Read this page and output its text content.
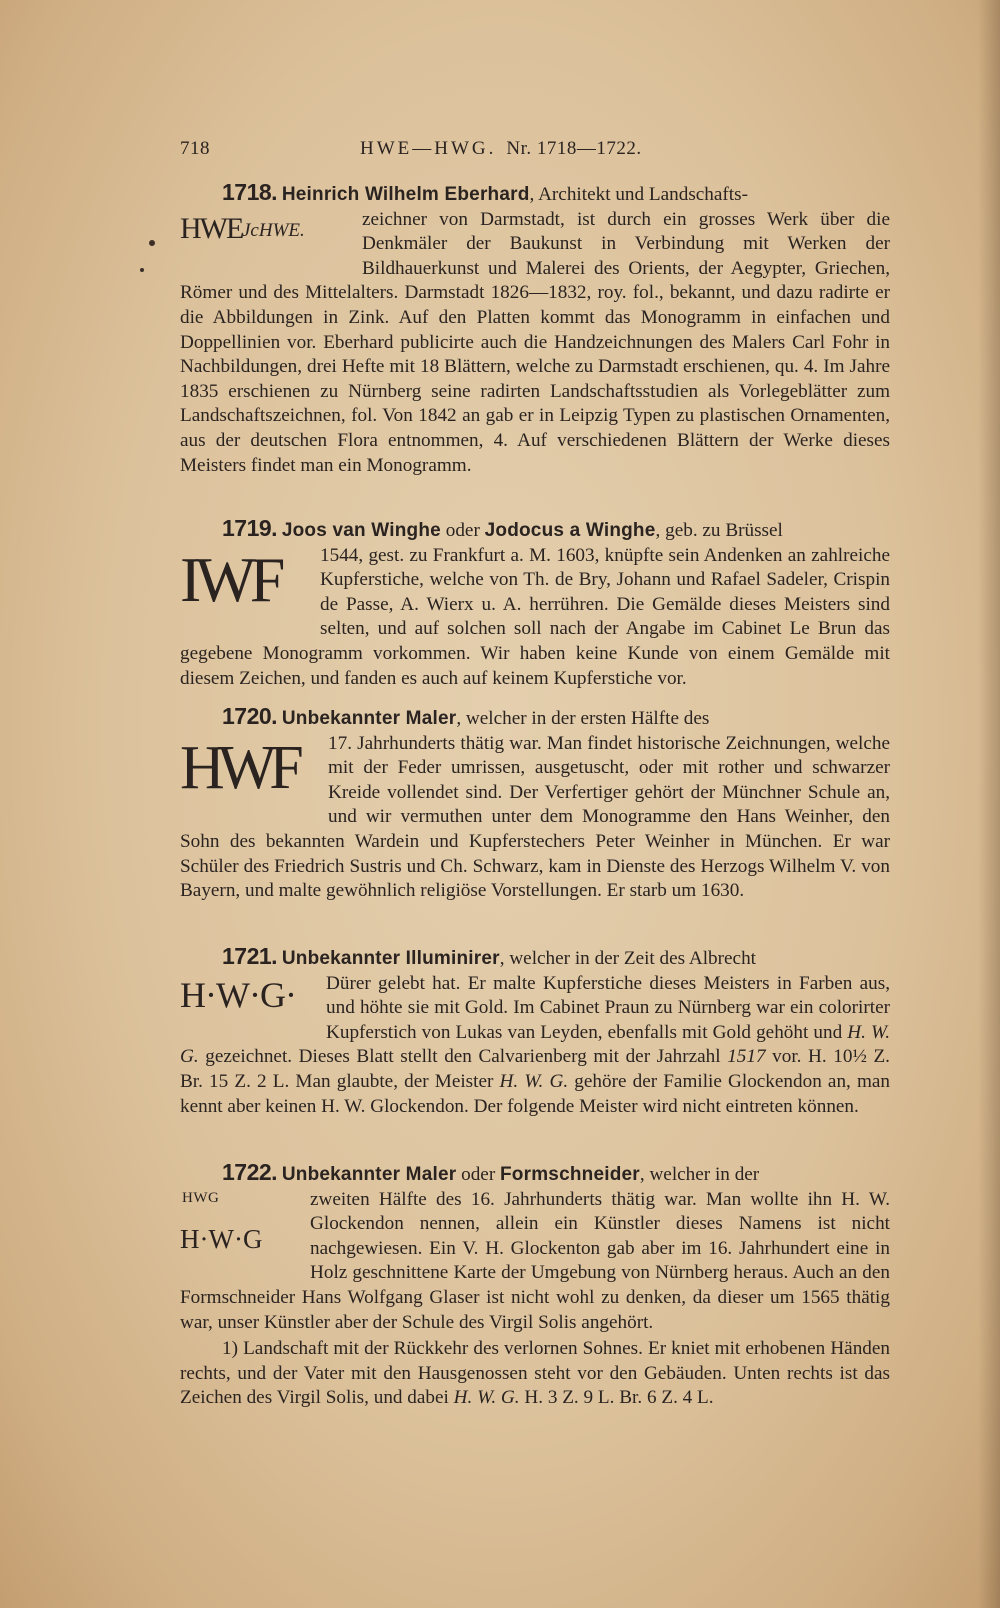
718	HWE—HWG. Nr. 1718—1722.

1718. Heinrich Wilhelm Eberhard, Architekt und Landschafts-

HWE JcHWE.

zeichner von Darmstadt, ist durch ein grosses Werk über die Denkmäler der Baukunst in Verbindung mit Werken der Bildhauerkunst und Malerei des Orients, der Aegypter, Griechen, Römer und des Mittelalters. Darmstadt 1826—1832, roy. fol., bekannt, und dazu radirte er die Abbildungen in Zink. Auf den Platten kommt das Monogramm in einfachen und Doppellinien vor. Eberhard publicirte auch die Handzeichnungen des Malers Carl Fohr in Nachbildungen, drei Hefte mit 18 Blättern, welche zu Darmstadt erschienen, qu. 4. Im Jahre 1835 erschienen zu Nürnberg seine radirten Landschaftsstudien als Vorlegeblätter zum Landschaftszeichnen, fol. Von 1842 an gab er in Leipzig Typen zu plastischen Ornamenten, aus der deutschen Flora entnommen, 4. Auf verschiedenen Blättern der Werke dieses Meisters findet man ein Monogramm.

1719. Joos van Winghe oder Jodocus a Winghe, geb. zu Brüssel

IWF	1544, gest. zu Frankfurt a. M. 1603, knüpfte sein Andenken an zahlreiche Kupferstiche, welche von Th. de Bry, Johann und Rafael Sadeler, Crispin de Passe, A. Wierx u. A. herrühren. Die Gemälde dieses Meisters sind selten, und auf solchen soll nach der Angabe im Cabinet Le Brun das gegebene Monogramm vorkommen. Wir haben keine Kunde von einem Gemälde mit diesem Zeichen, und fanden es auch auf keinem Kupferstiche vor.

1720. Unbekannter Maler, welcher in der ersten Hälfte des

HWF	17. Jahrhunderts thätig war. Man findet historische Zeichnungen, welche mit der Feder umrissen, ausgetuscht, oder mit rother und schwarzer Kreide vollendet sind. Der Verfertiger gehört der Münchner Schule an, und wir vermuthen unter dem Monogramme den Hans Weinher, den Sohn des bekannten Wardein und Kupferstechers Peter Weinher in München. Er war Schüler des Friedrich Sustris und Ch. Schwarz, kam in Dienste des Herzogs Wilhelm V. von Bayern, und malte gewöhnlich religiöse Vorstellungen. Er starb um 1630.

1721. Unbekannter Illuminirer, welcher in der Zeit des Albrecht

H·W·G·	Dürer gelebt hat. Er malte Kupferstiche dieses Meisters in Farben aus, und höhte sie mit Gold. Im Cabinet Praun zu Nürnberg war ein colorirter Kupferstich von Lukas van Leyden, ebenfalls mit Gold gehöht und H. W. G. gezeichnet. Dieses Blatt stellt den Calvarienberg mit der Jahrzahl 1517 vor. H. 10½ Z. Br. 15 Z. 2 L. Man glaubte, der Meister H. W. G. gehöre der Familie Glockendon an, man kennt aber keinen H. W. Glockendon. Der folgende Meister wird nicht eintreten können.

1722. Unbekannter Maler oder Formschneider, welcher in der

HWG
H·W·G

zweiten Hälfte des 16. Jahrhunderts thätig war. Man wollte ihn H. W. Glockendon nennen, allein ein Künstler dieses Namens ist nicht nachgewiesen. Ein V. H. Glockenton gab aber im 16. Jahrhundert eine in Holz geschnittene Karte der Umgebung von Nürnberg heraus. Auch an den Formschneider Hans Wolfgang Glaser ist nicht wohl zu denken, da dieser um 1565 thätig war, unser Künstler aber der Schule des Virgil Solis angehört.

1) Landschaft mit der Rückkehr des verlornen Sohnes. Er kniet mit erhobenen Händen rechts, und der Vater mit den Hausgenossen steht vor den Gebäuden. Unten rechts ist das Zeichen des Virgil Solis, und dabei H. W. G. H. 3 Z. 9 L. Br. 6 Z. 4 L.
